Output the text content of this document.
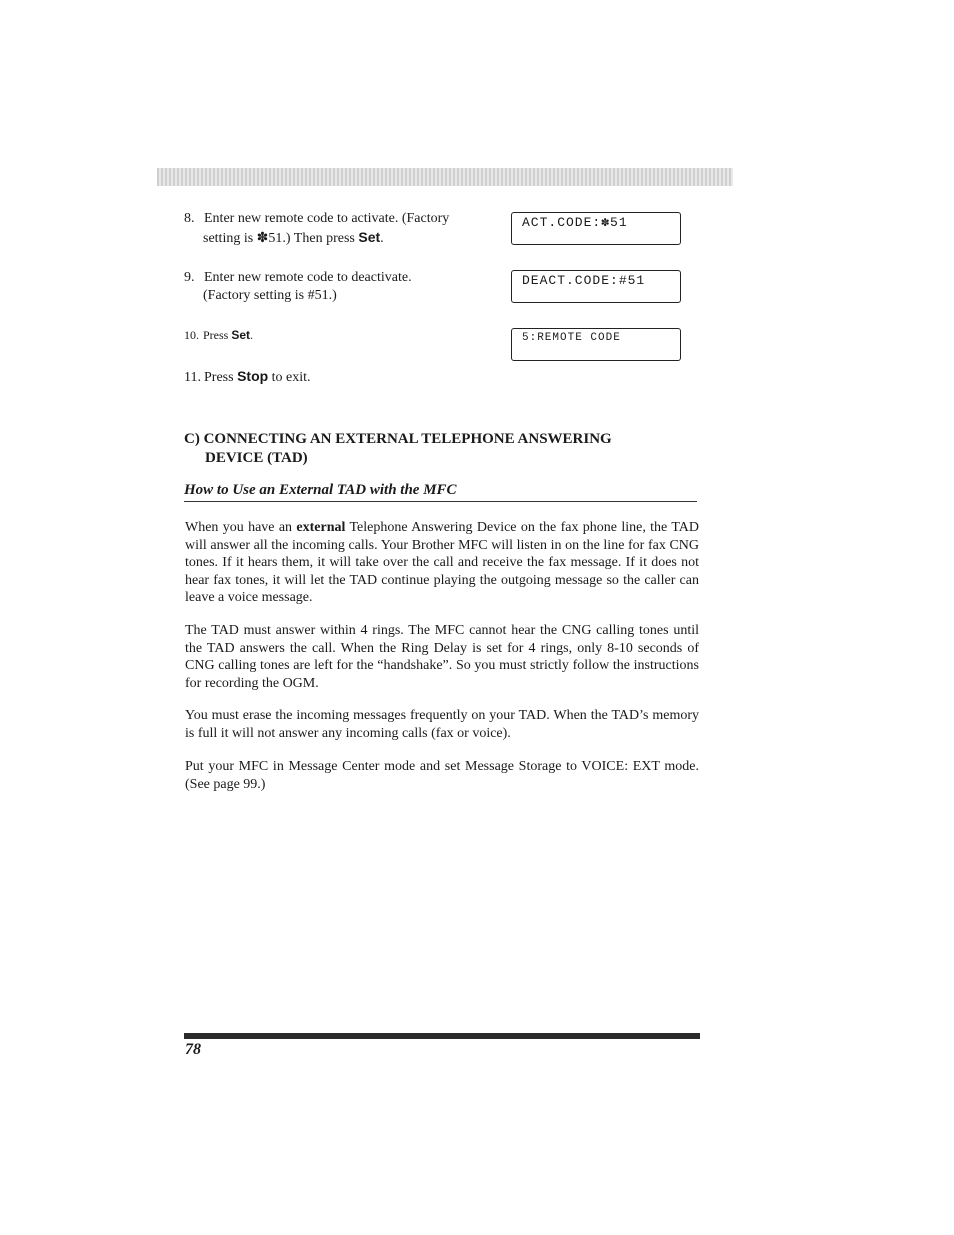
8. Enter new remote code to activate. (Factory
setting is ✽51.) Then press Set.
ACT.CODE:✽51
9. Enter new remote code to deactivate.
(Factory setting is #51.)
DEACT.CODE:#51
10. Press Set.	5:REMOTE CODE
11. Press Stop to exit.
C) CONNECTING AN EXTERNAL TELEPHONE ANSWERING
DEVICE (TAD)
How to Use an External TAD with the MFC
When you have an external Telephone Answering Device on the fax phone line, the TAD will answer all the incoming calls. Your Brother MFC will listen in on the line for fax CNG tones. If it hears them, it will take over the call and receive the fax message. If it does not hear fax tones, it will let the TAD continue playing the outgoing message so the caller can leave a voice message.
The TAD must answer within 4 rings. The MFC cannot hear the CNG calling tones until the TAD answers the call. When the Ring Delay is set for 4 rings, only 8-10 seconds of CNG calling tones are left for the “handshake”. So you must strictly follow the instructions for recording the OGM.
You must erase the incoming messages frequently on your TAD. When the TAD’s memory is full it will not answer any incoming calls (fax or voice).
Put your MFC in Message Center mode and set Message Storage to VOICE: EXT mode. (See page 99.)
78
